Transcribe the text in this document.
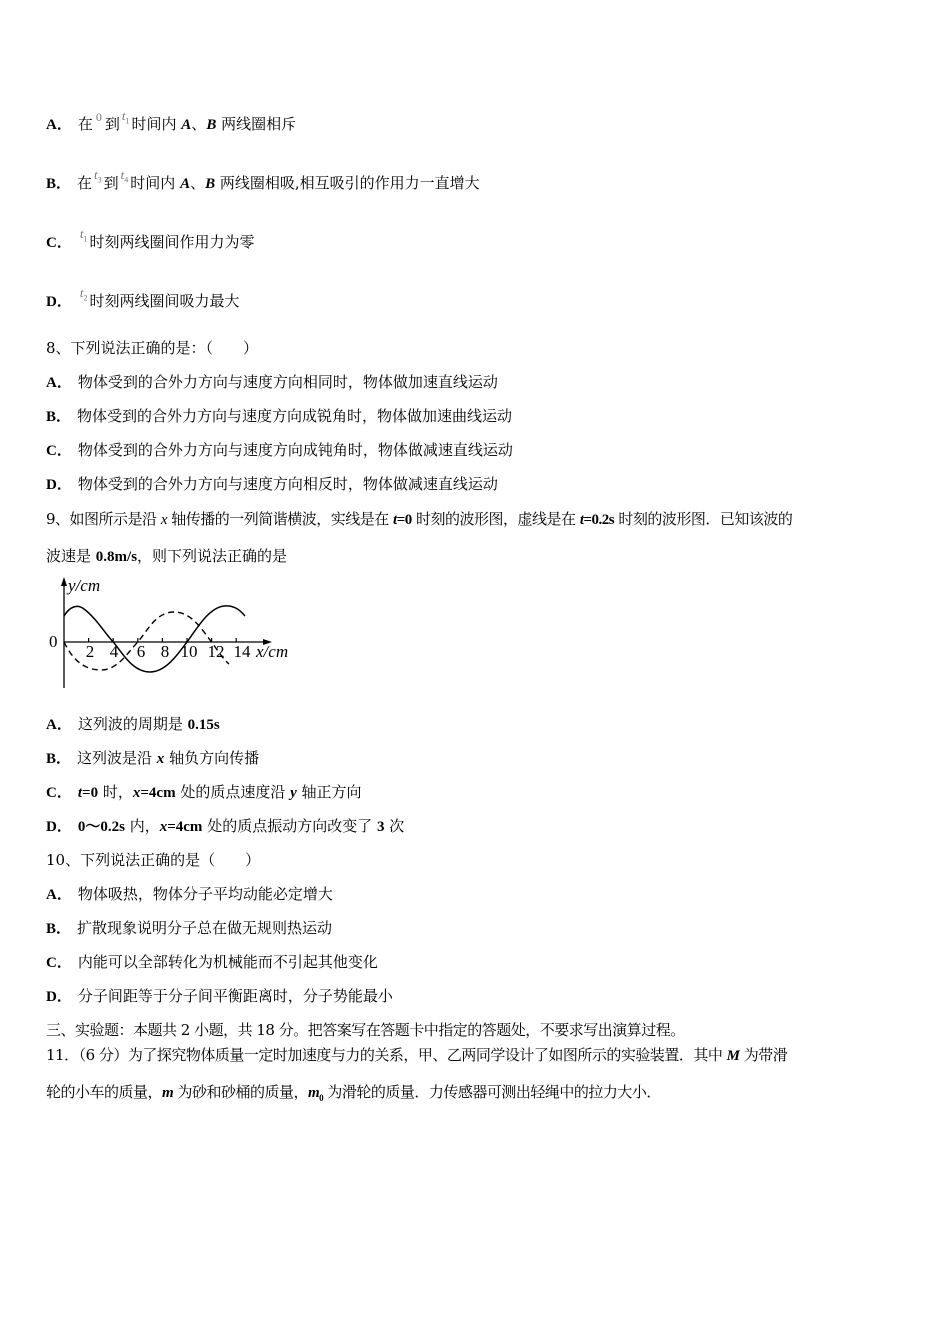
A． 在 $^0$ 到 $t_1$ 时间内 A、B 两线圈相斥
B． 在 $t_3$ 到 $t_4$ 时间内 A、B 两线圈相吸,相互吸引的作用力一直增大
C．$t_1$ 时刻两线圈间作用力为零
D．$t_2$ 时刻两线圈间吸力最大
8、下列说法正确的是：（　　）
A． 物体受到的合外力方向与速度方向相同时，物体做加速直线运动
B． 物体受到的合外力方向与速度方向成锐角时，物体做加速曲线运动
C． 物体受到的合外力方向与速度方向成钝角时，物体做减速直线运动
D． 物体受到的合外力方向与速度方向相反时，物体做减速直线运动
9、如图所示是沿 x 轴传播的一列简谐横波，实线是在 t=0 时刻的波形图，虚线是在 t=0.2s 时刻的波形图．已知该波的
波速是 0.8m/s，则下列说法正确的是
y/cm
0
2 4 6 8 10 12 14 x/cm
A． 这列波的周期是 0.15s
B． 这列波是沿 x 轴负方向传播
C． t=0 时，x=4cm 处的质点速度沿 y 轴正方向
D． 0～0.2s 内，x=4cm 处的质点振动方向改变了 3 次
10、下列说法正确的是（　　）
A． 物体吸热，物体分子平均动能必定增大
B． 扩散现象说明分子总在做无规则热运动
C． 内能可以全部转化为机械能而不引起其他变化
D． 分子间距等于分子间平衡距离时，分子势能最小
三、实验题：本题共 2 小题，共 18 分。把答案写在答题卡中指定的答题处，不要求写出演算过程。
11．（6 分）为了探究物体质量一定时加速度与力的关系，甲、乙两同学设计了如图所示的实验装置．其中 M 为带滑
轮的小车的质量，m 为砂和砂桶的质量，$m_0$ 为滑轮的质量．力传感器可测出轻绳中的拉力大小．
